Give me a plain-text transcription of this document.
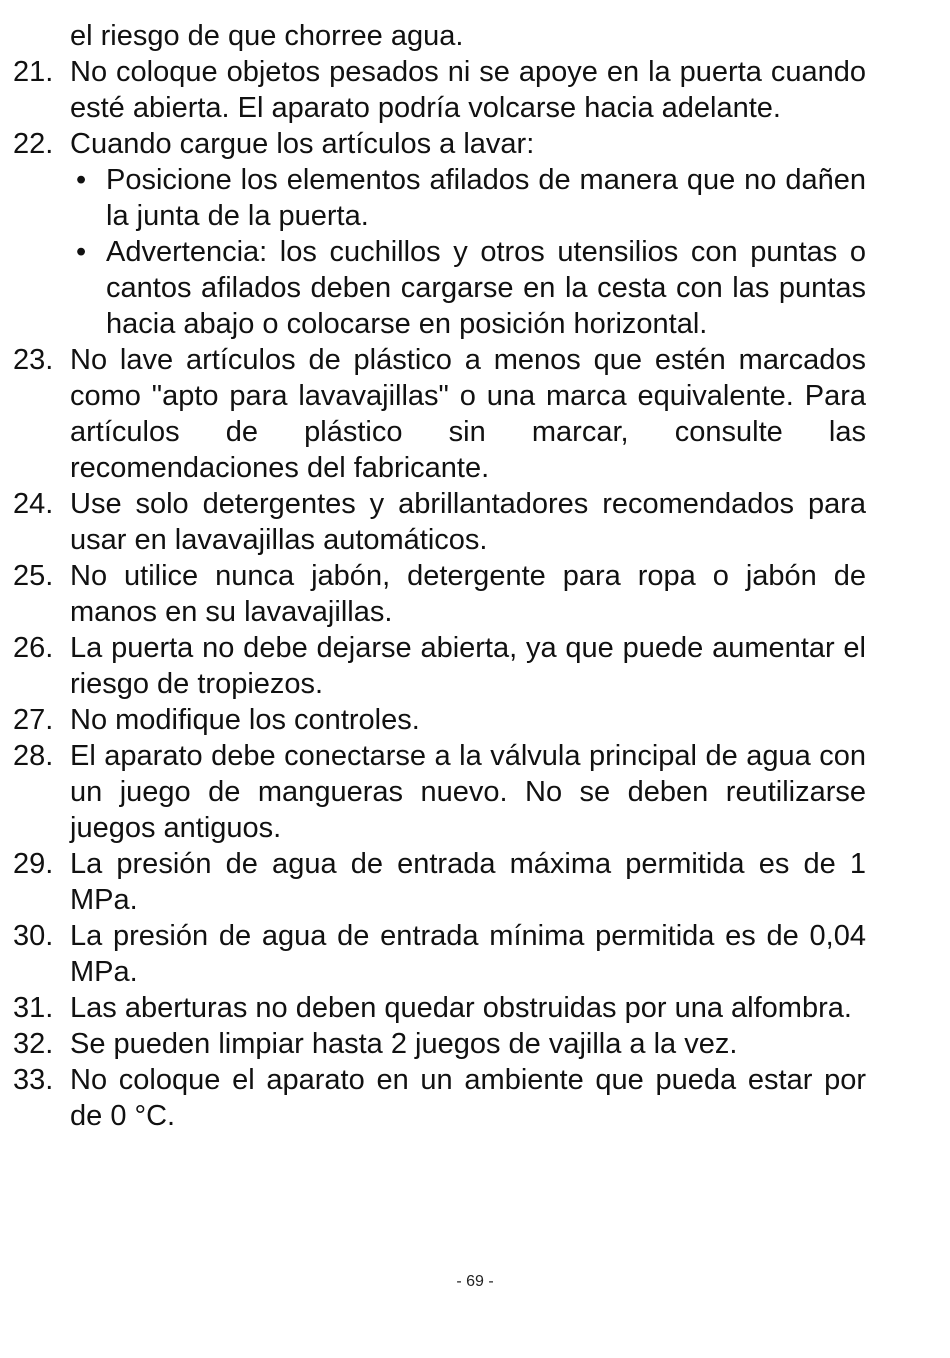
el riesgo de que chorree agua.
21. No coloque objetos pesados ni se apoye en la puerta cuando esté abierta. El aparato podría volcarse hacia adelante.
22. Cuando cargue los artículos a lavar:
• Posicione los elementos afilados de manera que no dañen la junta de la puerta.
• Advertencia: los cuchillos y otros utensilios con puntas o cantos afilados deben cargarse en la cesta con las puntas hacia abajo o colocarse en posición horizontal.
23. No lave artículos de plástico a menos que estén marcados como "apto para lavavajillas" o una marca equivalente. Para artículos de plástico sin marcar, consulte las recomendaciones del fabricante.
24. Use solo detergentes y abrillantadores recomendados para usar en lavavajillas automáticos.
25. No utilice nunca jabón, detergente para ropa o jabón de manos en su lavavajillas.
26. La puerta no debe dejarse abierta, ya que puede aumentar el riesgo de tropiezos.
27. No modifique los controles.
28. El aparato debe conectarse a la válvula principal de agua con un juego de mangueras nuevo. No se deben reutilizarse juegos antiguos.
29. La presión de agua de entrada máxima permitida es de 1 MPa.
30. La presión de agua de entrada mínima permitida es de 0,04 MPa.
31. Las aberturas no deben quedar obstruidas por una alfombra.
32. Se pueden limpiar hasta 2 juegos de vajilla a la vez.
33. No coloque el aparato en un ambiente que pueda estar por de 0 °C.
- 69 -
